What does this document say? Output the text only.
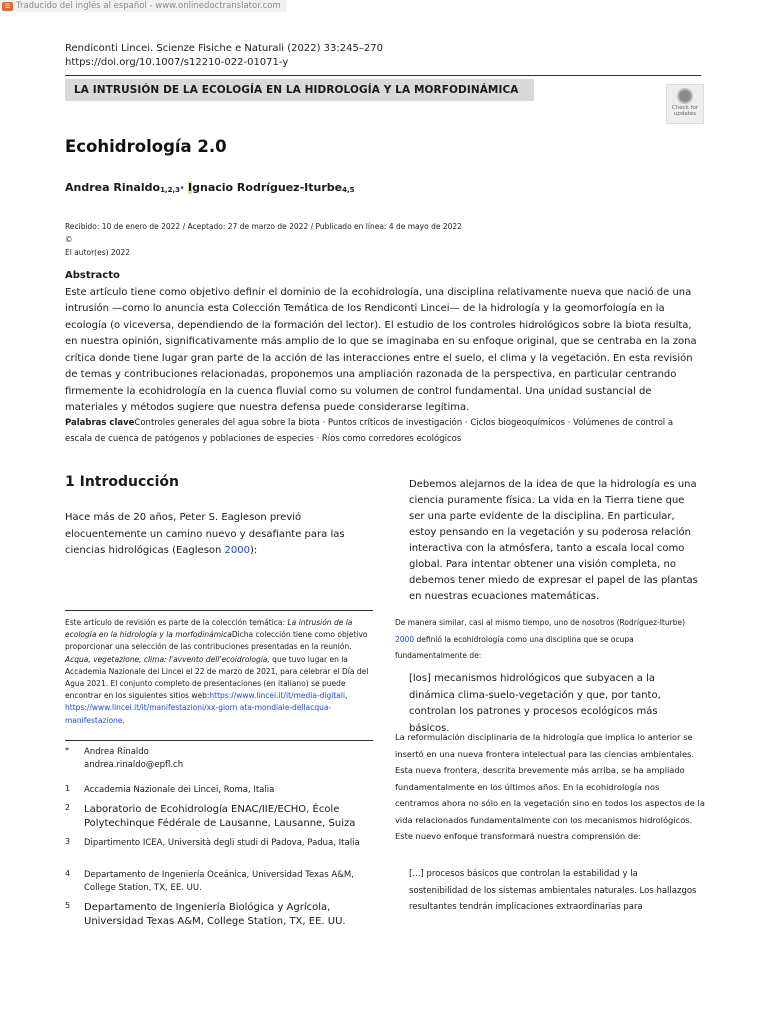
☰ Traducido del inglés al español - www.onlinedoctranslator.com
Rendiconti Lincei. Scienze Fisiche e Naturali (2022) 33:245–270
https://doi.org/10.1007/s12210-022-01071-y
LA INTRUSIÓN DE LA ECOLOGÍA EN LA HIDROLOGÍA Y LA MORFODINÁMICA
Check for
updates
Ecohidrología 2.0
Andrea Rinaldo$^{1,2,3}$· Ignacio Rodríguez-Iturbe$^{4,5}$
Recibido: 10 de enero de 2022 / Aceptado: 27 de marzo de 2022 / Publicado en línea: 4 de mayo de 2022 ©
El autor(es) 2022
Abstracto
Este artículo tiene como objetivo definir el dominio de la ecohidrología, una disciplina relativamente nueva que nació de una intrusión —como lo anuncia esta Colección Temática de los Rendiconti Lincei— de la hidrología y la geomorfología en la ecología (o viceversa, dependiendo de la formación del lector). El estudio de los controles hidrológicos sobre la biota resulta, en nuestra opinión, significativamente más amplio de lo que se imaginaba en su enfoque original, que se centraba en la zona crítica donde tiene lugar gran parte de la acción de las interacciones entre el suelo, el clima y la vegetación. En esta revisión de temas y contribuciones relacionadas, proponemos una ampliación razonada de la perspectiva, en particular centrando firmemente la ecohidrología en la cuenca fluvial como su volumen de control fundamental. Una unidad sustancial de materiales y métodos sugiere que nuestra defensa puede considerarse legítima.
Palabras claveControles generales del agua sobre la biota · Puntos críticos de investigación · Ciclos biogeoquímicos · Volúmenes de control a escala de cuenca de patógenos y poblaciones de especies · Ríos como corredores ecológicos
1 Introducción
Hace más de 20 años, Peter S. Eagleson previó elocuentemente un camino nuevo y desafiante para las ciencias hidrológicas (Eagleson 2000):
Este artículo de revisión es parte de la colección temática: La intrusión de la ecología en la hidrología y la morfodinámicaDicha colección tiene como objetivo proporcionar una selección de las contribuciones presentadas en la reunión. Acqua, vegetazione, clima: l'avvento dell'ecoidrologia, que tuvo lugar en la Accademia Nazionale dei Lincei el 22 de marzo de 2021, para celebrar el Día del Agua 2021. El conjunto completo de presentaciones (en italiano) se puede encontrar en los siguientes sitios web:https://www.lincei.it/it/media-digitali, https://www.lincei.it/it/manifestazioni/xx-giorn ata-mondiale-dellacqua-manifestazione.
*	Andrea Rinaldo
andrea.rinaldo@epfl.ch
1	Accademia Nazionale dei Lincei, Roma, Italia
2	Laboratorio de Ecohidrología ENAC/IIE/ECHO, École Polytechinque Fédérale de Lausanne, Lausanne, Suiza
3	Dipartimento ICEA, Università degli studi di Padova, Padua, Italia
4	Departamento de Ingeniería Oceánica, Universidad Texas A&M, College Station, TX, EE. UU.
5	Departamento de Ingeniería Biológica y Agrícola, Universidad Texas A&M, College Station, TX, EE. UU.
Debemos alejarnos de la idea de que la hidrología es una ciencia puramente física. La vida en la Tierra tiene que ser una parte evidente de la disciplina. En particular, estoy pensando en la vegetación y su poderosa relación interactiva con la atmósfera, tanto a escala local como global. Para intentar obtener una visión completa, no debemos tener miedo de expresar el papel de las plantas en nuestras ecuaciones matemáticas.
De manera similar, casi al mismo tiempo, uno de nosotros (Rodríguez-Iturbe) 2000 definió la ecohidrología como una disciplina que se ocupa fundamentalmente de:
[los] mecanismos hidrológicos que subyacen a la dinámica clima-suelo-vegetación y que, por tanto, controlan los patrones y procesos ecológicos más básicos.
La reformulación disciplinaria de la hidrología que implica lo anterior se insertó en una nueva frontera intelectual para las ciencias ambientales. Esta nueva frontera, descrita brevemente más arriba, se ha ampliado fundamentalmente en los últimos años. En la ecohidrología nos centramos ahora no sólo en la vegetación sino en todos los aspectos de la vida relacionados fundamentalmente con los mecanismos hidrológicos. Este nuevo enfoque transformará nuestra comprensión de:
[...] procesos básicos que controlan la estabilidad y la sostenibilidad de los sistemas ambientales naturales. Los hallazgos resultantes tendrán implicaciones extraordinarias para
